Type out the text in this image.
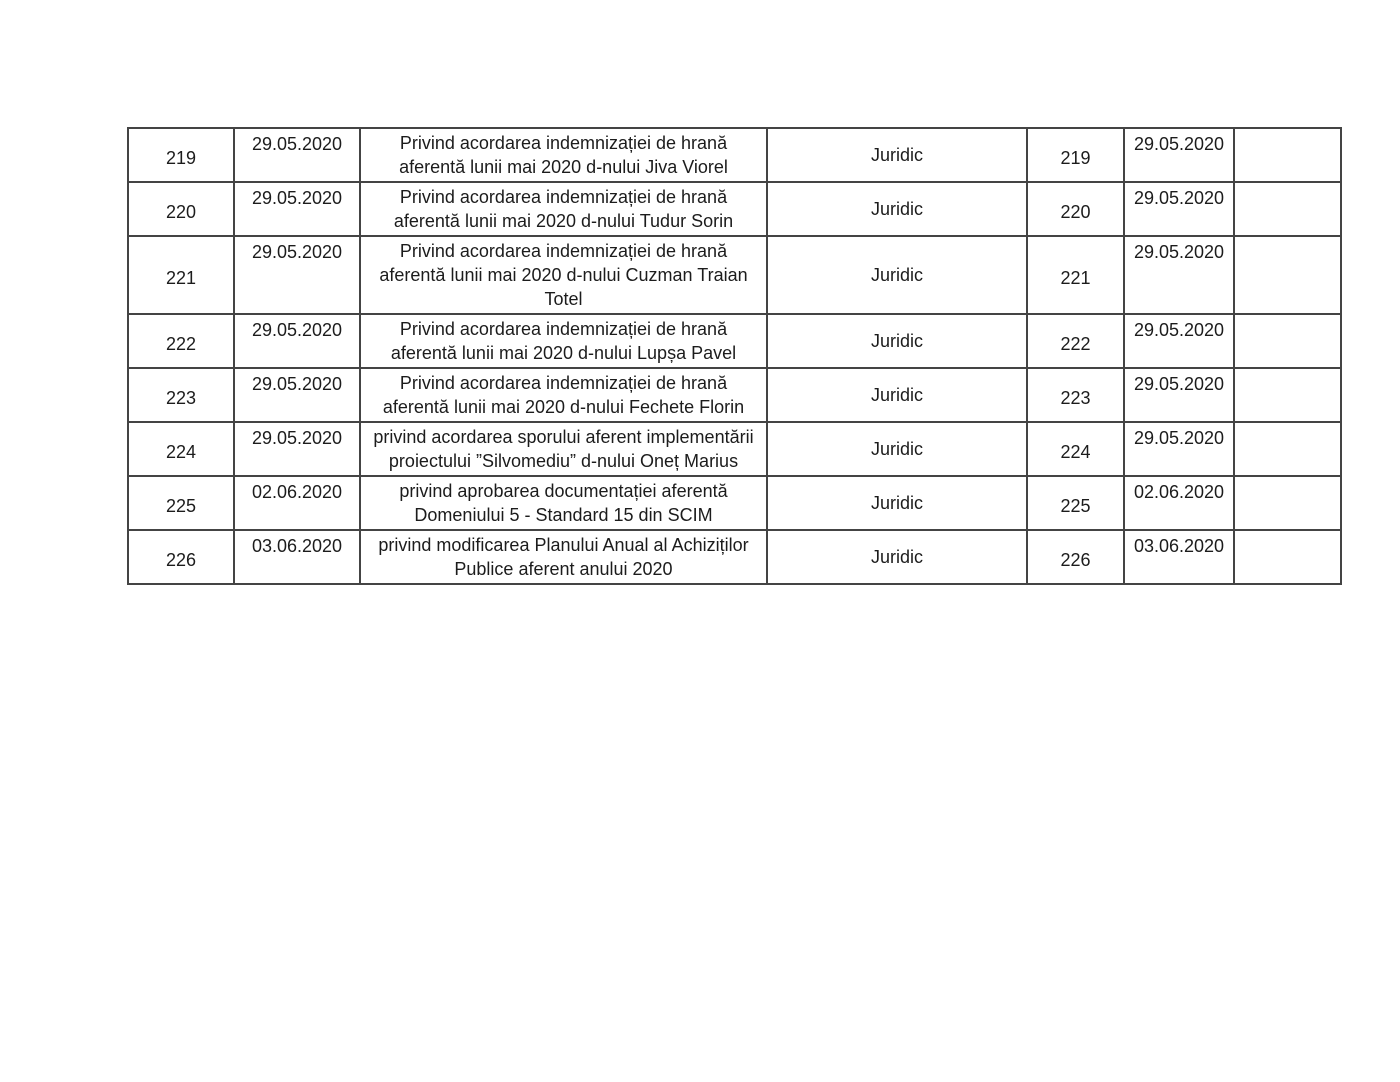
219	29.05.2020	Privind acordarea indemnizației de hrană aferentă lunii mai 2020 d-nului Jiva Viorel	Juridic	219	29.05.2020	
220	29.05.2020	Privind acordarea indemnizației de hrană aferentă lunii mai 2020 d-nului Tudur Sorin	Juridic	220	29.05.2020	
221	29.05.2020	Privind acordarea indemnizației de hrană aferentă lunii mai 2020 d-nului Cuzman Traian Totel	Juridic	221	29.05.2020	
222	29.05.2020	Privind acordarea indemnizației de hrană aferentă lunii mai 2020 d-nului Lupșa Pavel	Juridic	222	29.05.2020	
223	29.05.2020	Privind acordarea indemnizației de hrană aferentă lunii mai 2020 d-nului Fechete Florin	Juridic	223	29.05.2020	
224	29.05.2020	privind acordarea sporului aferent implementării proiectului ”Silvomediu” d-nului Oneț Marius	Juridic	224	29.05.2020	
225	02.06.2020	privind aprobarea documentației aferentă Domeniului 5 - Standard 15 din SCIM	Juridic	225	02.06.2020	
226	03.06.2020	privind modificarea Planului Anual al Achiziților Publice aferent anului 2020	Juridic	226	03.06.2020	
